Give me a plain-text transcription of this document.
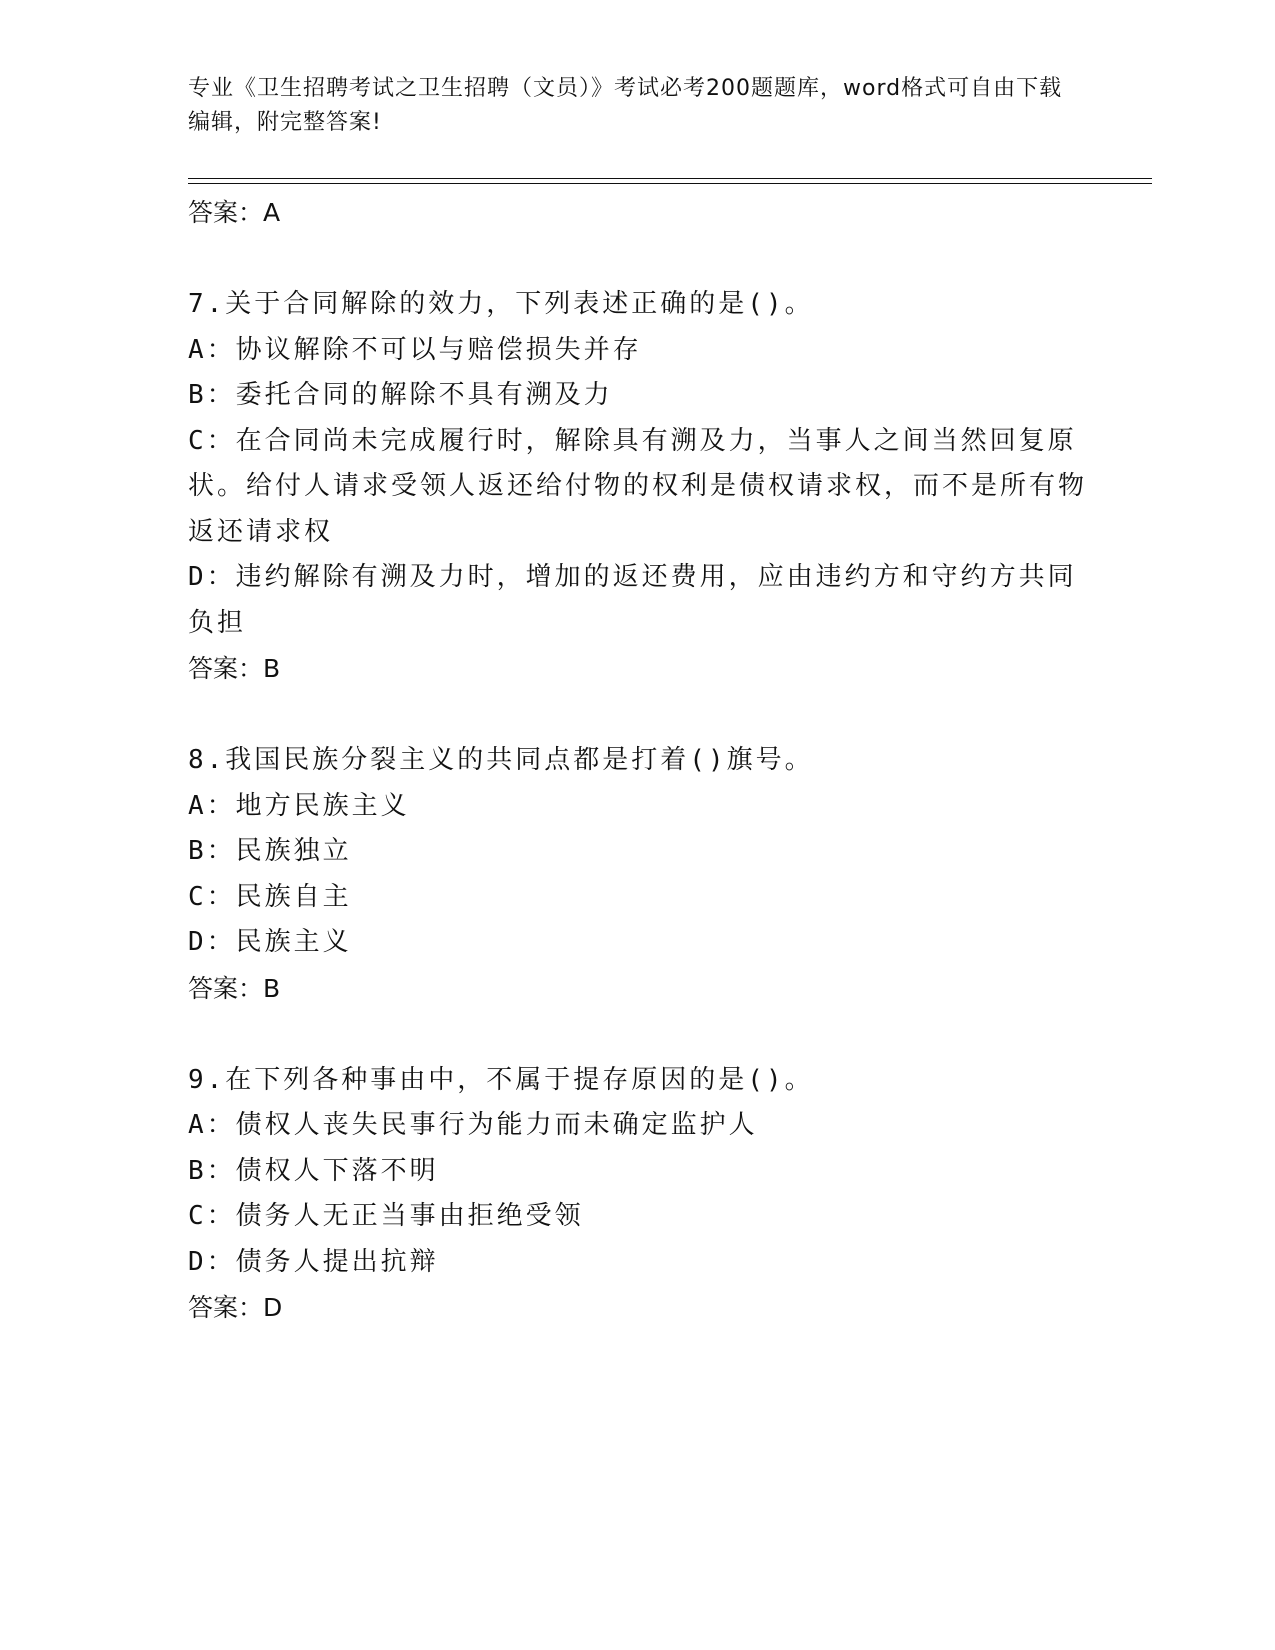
专业《卫生招聘考试之卫生招聘（文员）》考试必考200题题库，word格式可自由下载编辑，附完整答案!
答案：A
7.关于合同解除的效力，下列表述正确的是()。
A：协议解除不可以与赔偿损失并存
B：委托合同的解除不具有溯及力
C：在合同尚未完成履行时，解除具有溯及力，当事人之间当然回复原状。给付人请求受领人返还给付物的权利是债权请求权，而不是所有物返还请求权
D：违约解除有溯及力时，增加的返还费用，应由违约方和守约方共同负担
答案：B
8.我国民族分裂主义的共同点都是打着()旗号。
A：地方民族主义
B：民族独立
C：民族自主
D：民族主义
答案：B
9.在下列各种事由中，不属于提存原因的是()。
A：债权人丧失民事行为能力而未确定监护人
B：债权人下落不明
C：债务人无正当事由拒绝受领
D：债务人提出抗辩
答案：D
